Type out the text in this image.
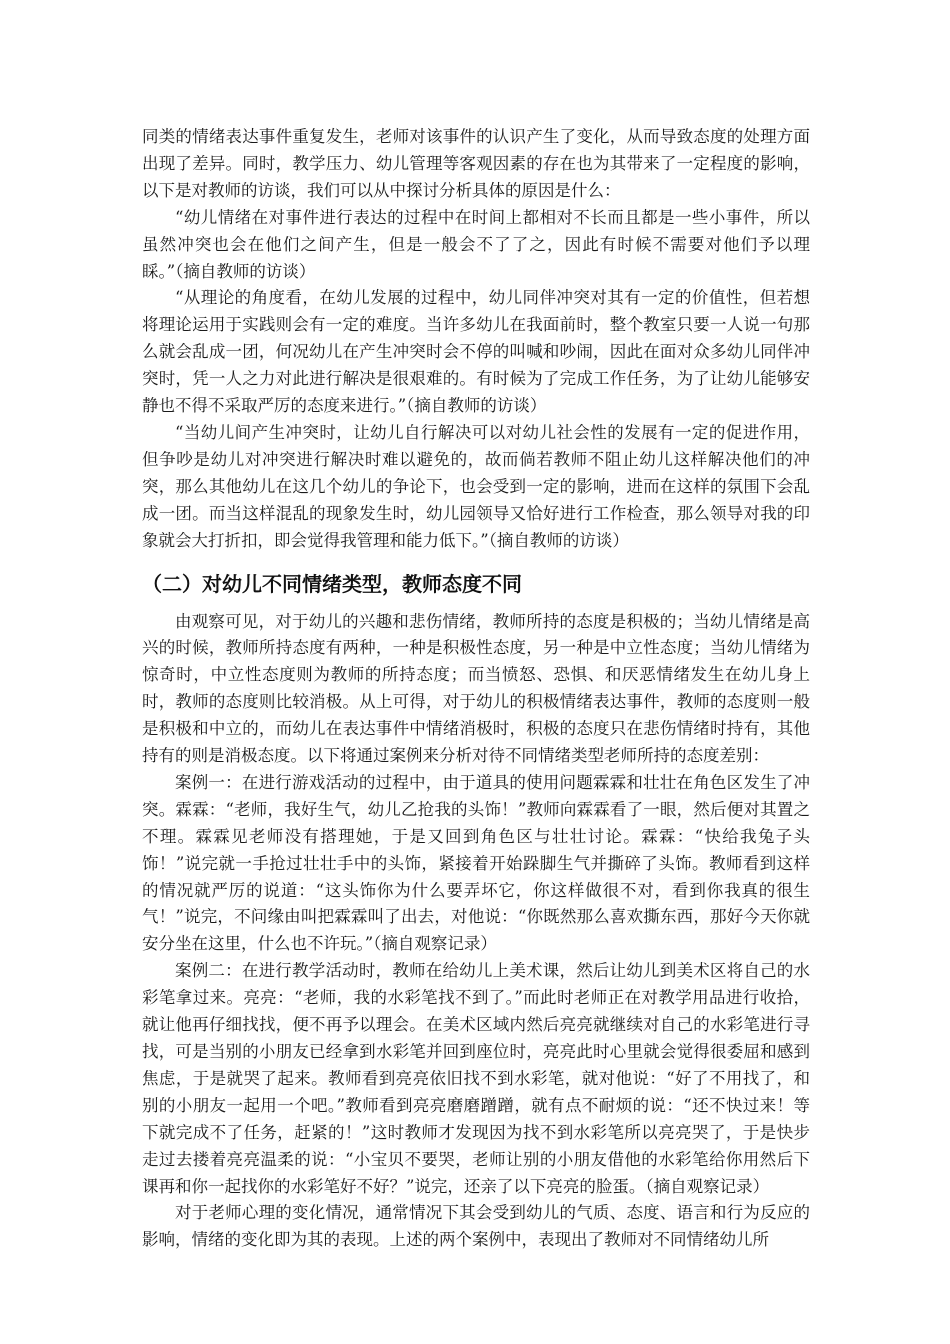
同类的情绪表达事件重复发生，老师对该事件的认识产生了变化，从而导致态度的处理方面出现了差异。同时，教学压力、幼儿管理等客观因素的存在也为其带来了一定程度的影响，以下是对教师的访谈，我们可以从中探讨分析具体的原因是什么：

“幼儿情绪在对事件进行表达的过程中在时间上都相对不长而且都是一些小事件，所以虽然冲突也会在他们之间产生，但是一般会不了了之，因此有时候不需要对他们予以理睬。”（摘自教师的访谈）

“从理论的角度看，在幼儿发展的过程中，幼儿同伴冲突对其有一定的价值性，但若想将理论运用于实践则会有一定的难度。当许多幼儿在我面前时，整个教室只要一人说一句那么就会乱成一团，何况幼儿在产生冲突时会不停的叫喊和吵闹，因此在面对众多幼儿同伴冲突时，凭一人之力对此进行解决是很艰难的。有时候为了完成工作任务，为了让幼儿能够安静也不得不采取严厉的态度来进行。”（摘自教师的访谈）

“当幼儿间产生冲突时，让幼儿自行解决可以对幼儿社会性的发展有一定的促进作用，但争吵是幼儿对冲突进行解决时难以避免的，故而倘若教师不阻止幼儿这样解决他们的冲突，那么其他幼儿在这几个幼儿的争论下，也会受到一定的影响，进而在这样的氛围下会乱成一团。而当这样混乱的现象发生时，幼儿园领导又恰好进行工作检查，那么领导对我的印象就会大打折扣，即会觉得我管理和能力低下。”（摘自教师的访谈）

（二）对幼儿不同情绪类型，教师态度不同

由观察可见，对于幼儿的兴趣和悲伤情绪，教师所持的态度是积极的；当幼儿情绪是高兴的时候，教师所持态度有两种，一种是积极性态度，另一种是中立性态度；当幼儿情绪为惊奇时，中立性态度则为教师的所持态度；而当愤怒、恐惧、和厌恶情绪发生在幼儿身上时，教师的态度则比较消极。从上可得，对于幼儿的积极情绪表达事件，教师的态度则一般是积极和中立的，而幼儿在表达事件中情绪消极时，积极的态度只在悲伤情绪时持有，其他持有的则是消极态度。以下将通过案例来分析对待不同情绪类型老师所持的态度差别：

案例一：在进行游戏活动的过程中，由于道具的使用问题霖霖和壮壮在角色区发生了冲突。霖霖：“老师，我好生气，幼儿乙抢我的头饰！”教师向霖霖看了一眼，然后便对其置之不理。霖霖见老师没有搭理她，于是又回到角色区与壮壮讨论。霖霖：“快给我兔子头饰！”说完就一手抢过壮壮手中的头饰，紧接着开始跺脚生气并撕碎了头饰。教师看到这样的情况就严厉的说道：“这头饰你为什么要弄坏它，你这样做很不对，看到你我真的很生气！”说完，不问缘由叫把霖霖叫了出去，对他说：“你既然那么喜欢撕东西，那好今天你就安分坐在这里，什么也不许玩。”（摘自观察记录）

案例二：在进行教学活动时，教师在给幼儿上美术课，然后让幼儿到美术区将自己的水彩笔拿过来。亮亮：“老师，我的水彩笔找不到了。”而此时老师正在对教学用品进行收拾，就让他再仔细找找，便不再予以理会。在美术区域内然后亮亮就继续对自己的水彩笔进行寻找，可是当别的小朋友已经拿到水彩笔并回到座位时，亮亮此时心里就会觉得很委屈和感到焦虑，于是就哭了起来。教师看到亮亮依旧找不到水彩笔，就对他说：“好了不用找了，和别的小朋友一起用一个吧。”教师看到亮亮磨磨蹭蹭，就有点不耐烦的说：“还不快过来！等下就完成不了任务，赶紧的！”这时教师才发现因为找不到水彩笔所以亮亮哭了，于是快步走过去搂着亮亮温柔的说：“小宝贝不要哭，老师让别的小朋友借他的水彩笔给你用然后下课再和你一起找你的水彩笔好不好？”说完，还亲了以下亮亮的脸蛋。（摘自观察记录）

对于老师心理的变化情况，通常情况下其会受到幼儿的气质、态度、语言和行为反应的影响，情绪的变化即为其的表现。上述的两个案例中，表现出了教师对不同情绪幼儿所
